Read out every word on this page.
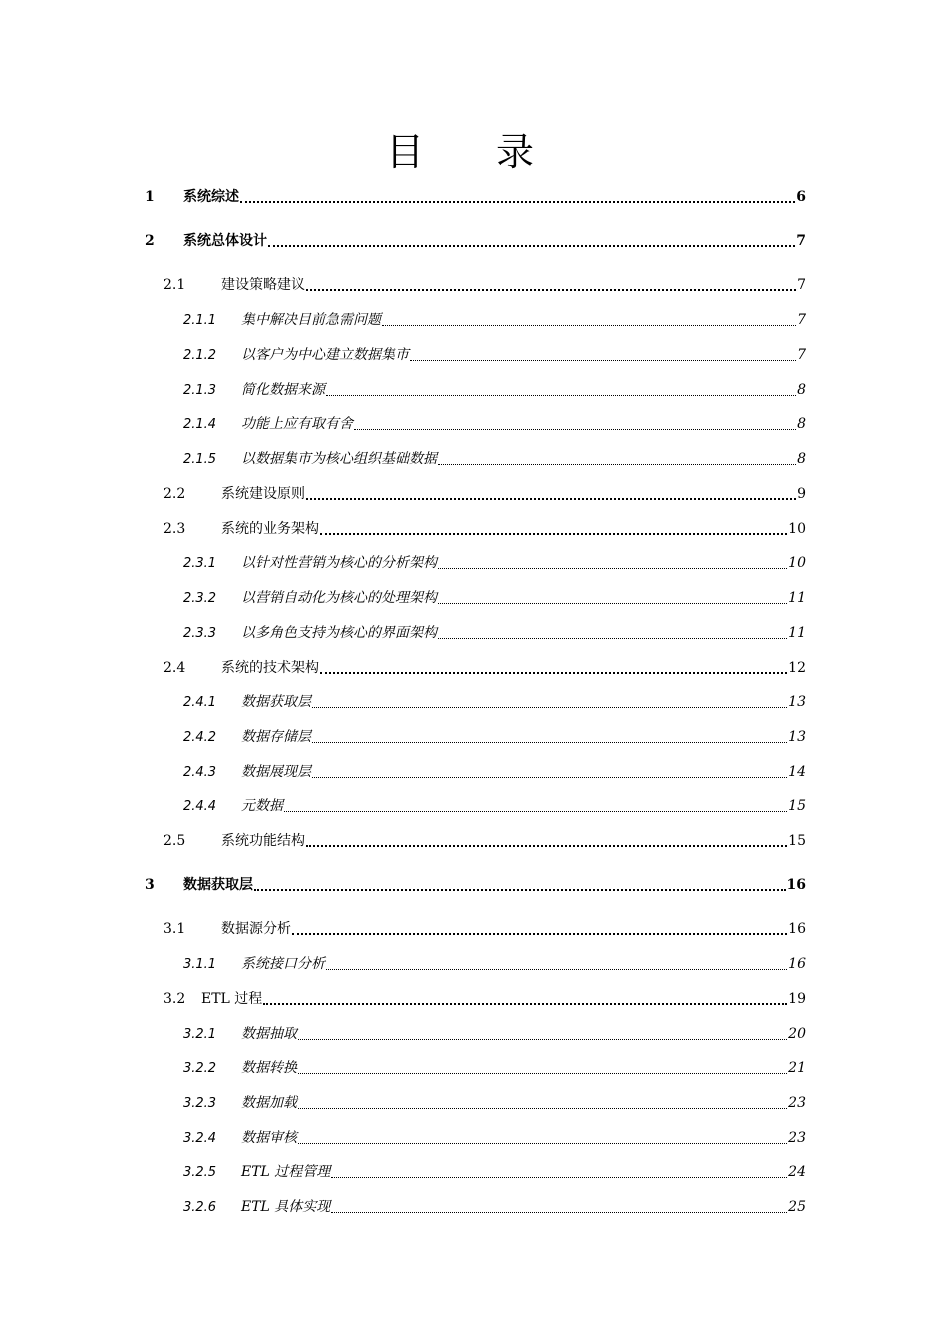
目 录
1	系统综述	6
2	系统总体设计	7
2.1	建设策略建议	7
2.1.1	集中解决目前急需问题	7
2.1.2	以客户为中心建立数据集市	7
2.1.3	简化数据来源	8
2.1.4	功能上应有取有舍	8
2.1.5	以数据集市为核心组织基础数据	8
2.2	系统建设原则	9
2.3	系统的业务架构	10
2.3.1	以针对性营销为核心的分析架构	10
2.3.2	以营销自动化为核心的处理架构	11
2.3.3	以多角色支持为核心的界面架构	11
2.4	系统的技术架构	12
2.4.1	数据获取层	13
2.4.2	数据存储层	13
2.4.3	数据展现层	14
2.4.4	元数据	15
2.5	系统功能结构	15
3	数据获取层	16
3.1	数据源分析	16
3.1.1	系统接口分析	16
3.2	ETL 过程	19
3.2.1	数据抽取	20
3.2.2	数据转换	21
3.2.3	数据加载	23
3.2.4	数据审核	23
3.2.5	ETL 过程管理	24
3.2.6	ETL 具体实现	25
